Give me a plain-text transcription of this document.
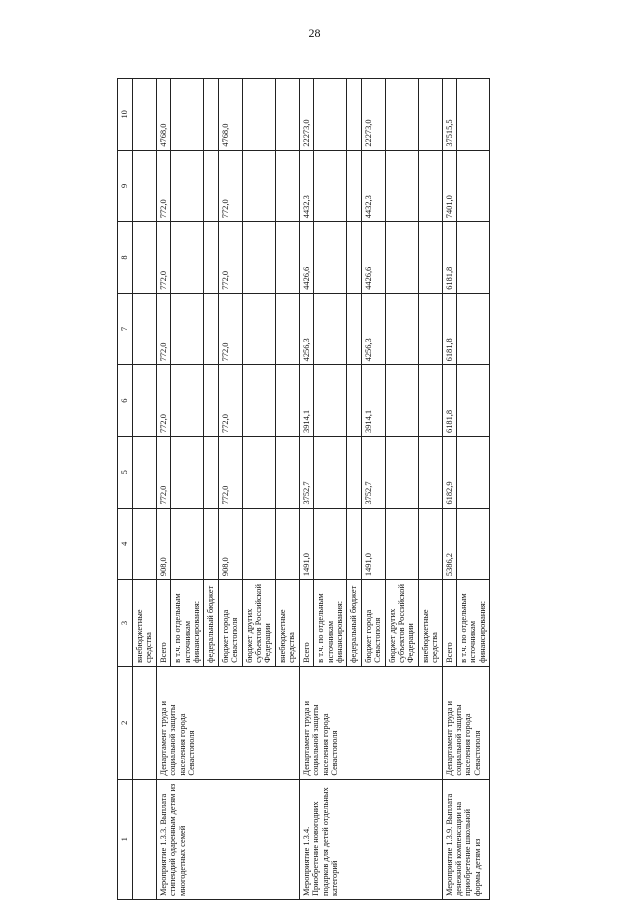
28
1	2	3	4	5	6	7	8	9	10
		внебюджетные средства							
Мероприятие 1.3.3. Выплата стипендий одаренным детям из многодетных семей	Департамент труда и социальной защиты населения города Севастополя	Всего	908,0	772,0	772,0	772,0	772,0	772,0	4768,0
		в т.ч. по отдельным источникам финансирования:							
		федеральный бюджет							
		бюджет города Севастополя	908,0	772,0	772,0	772,0	772,0	772,0	4768,0
		бюджет других субъектов Российской Федерации							
		внебюджетные средства							
Мероприятие 1.3.4. Приобретение новогодних подарков для детей отдельных категорий	Департамент труда и социальной защиты населения города Севастополя	Всего	1491,0	3752,7	3914,1	4256,3	4426,6	4432,3	22273,0
		в т.ч. по отдельным источникам финансирования:							
		федеральный бюджет							
		бюджет города Севастополя	1491,0	3752,7	3914,1	4256,3	4426,6	4432,3	22273,0
		бюджет других субъектов Российской Федерации							
		внебюджетные средства							
Мероприятие 1.3.9. Выплата денежной компенсации на приобретение школьной формы детям из	Департамент труда и социальной защиты населения города Севастополя	Всего	5386,2	6182,9	6181,8	6181,8	6181,8	7401,0	37515,5
		в т.ч. по отдельным источникам финансирования:							
